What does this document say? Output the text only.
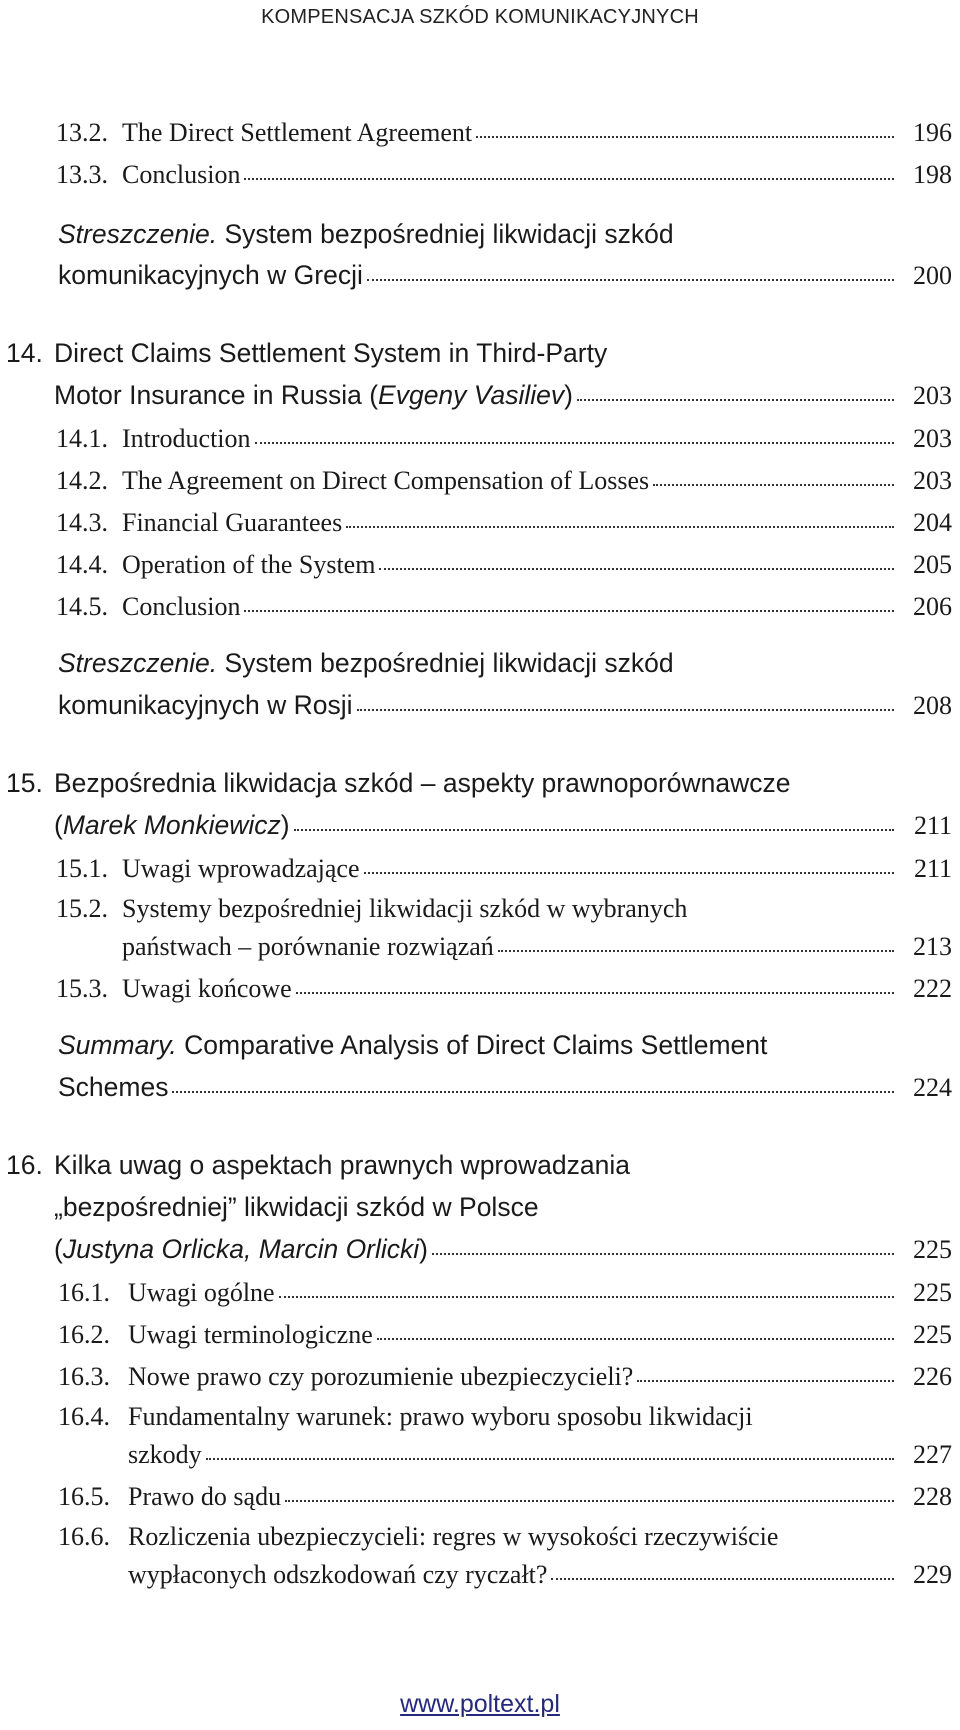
KOMPENSACJA SZKÓD KOMUNIKACYJNYCH
13.2. The Direct Settlement Agreement	196
13.3. Conclusion	198
Streszczenie. System bezpośredniej likwidacji szkód
komunikacyjnych w Grecji	200
14. Direct Claims Settlement System in Third-Party
Motor Insurance in Russia (Evgeny Vasiliev)	203
14.1. Introduction	203
14.2. The Agreement on Direct Compensation of Losses	203
14.3. Financial Guarantees	204
14.4. Operation of the System	205
14.5. Conclusion	206
Streszczenie. System bezpośredniej likwidacji szkód
komunikacyjnych w Rosji	208
15. Bezpośrednia likwidacja szkód – aspekty prawnoporównawcze
(Marek Monkiewicz)	211
15.1. Uwagi wprowadzające	211
15.2. Systemy bezpośredniej likwidacji szkód w wybranych
państwach – porównanie rozwiązań	213
15.3. Uwagi końcowe	222
Summary. Comparative Analysis of Direct Claims Settlement
Schemes	224
16. Kilka uwag o aspektach prawnych wprowadzania
„bezpośredniej” likwidacji szkód w Polsce
(Justyna Orlicka, Marcin Orlicki)	225
16.1. Uwagi ogólne	225
16.2. Uwagi terminologiczne	225
16.3. Nowe prawo czy porozumienie ubezpieczycieli?	226
16.4. Fundamentalny warunek: prawo wyboru sposobu likwidacji
szkody	227
16.5. Prawo do sądu	228
16.6. Rozliczenia ubezpieczycieli: regres w wysokości rzeczywiście
wypłaconych odszkodowań czy ryczałt?	229
www.poltext.pl
